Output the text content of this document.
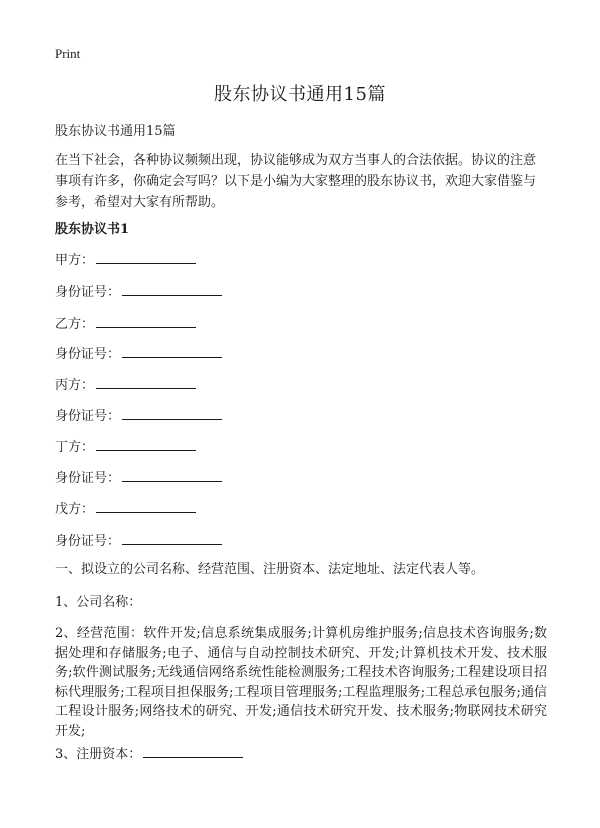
Print
股东协议书通用15篇
股东协议书通用15篇
在当下社会，各种协议频频出现，协议能够成为双方当事人的合法依据。协议的注意事项有许多，你确定会写吗？以下是小编为大家整理的股东协议书，欢迎大家借鉴与参考，希望对大家有所帮助。
股东协议书1
甲方：
身份证号：
乙方：
身份证号：
丙方：
身份证号：
丁方：
身份证号：
戊方：
身份证号：
一、拟设立的公司名称、经营范围、注册资本、法定地址、法定代表人等。
1、公司名称：
2、经营范围：软件开发;信息系统集成服务;计算机房维护服务;信息技术咨询服务;数据处理和存储服务;电子、通信与自动控制技术研究、开发;计算机技术开发、技术服务;软件测试服务;无线通信网络系统性能检测服务;工程技术咨询服务;工程建设项目招标代理服务;工程项目担保服务;工程项目管理服务;工程监理服务;工程总承包服务;通信工程设计服务;网络技术的研究、开发;通信技术研究开发、技术服务;物联网技术研究开发;
3、注册资本：
